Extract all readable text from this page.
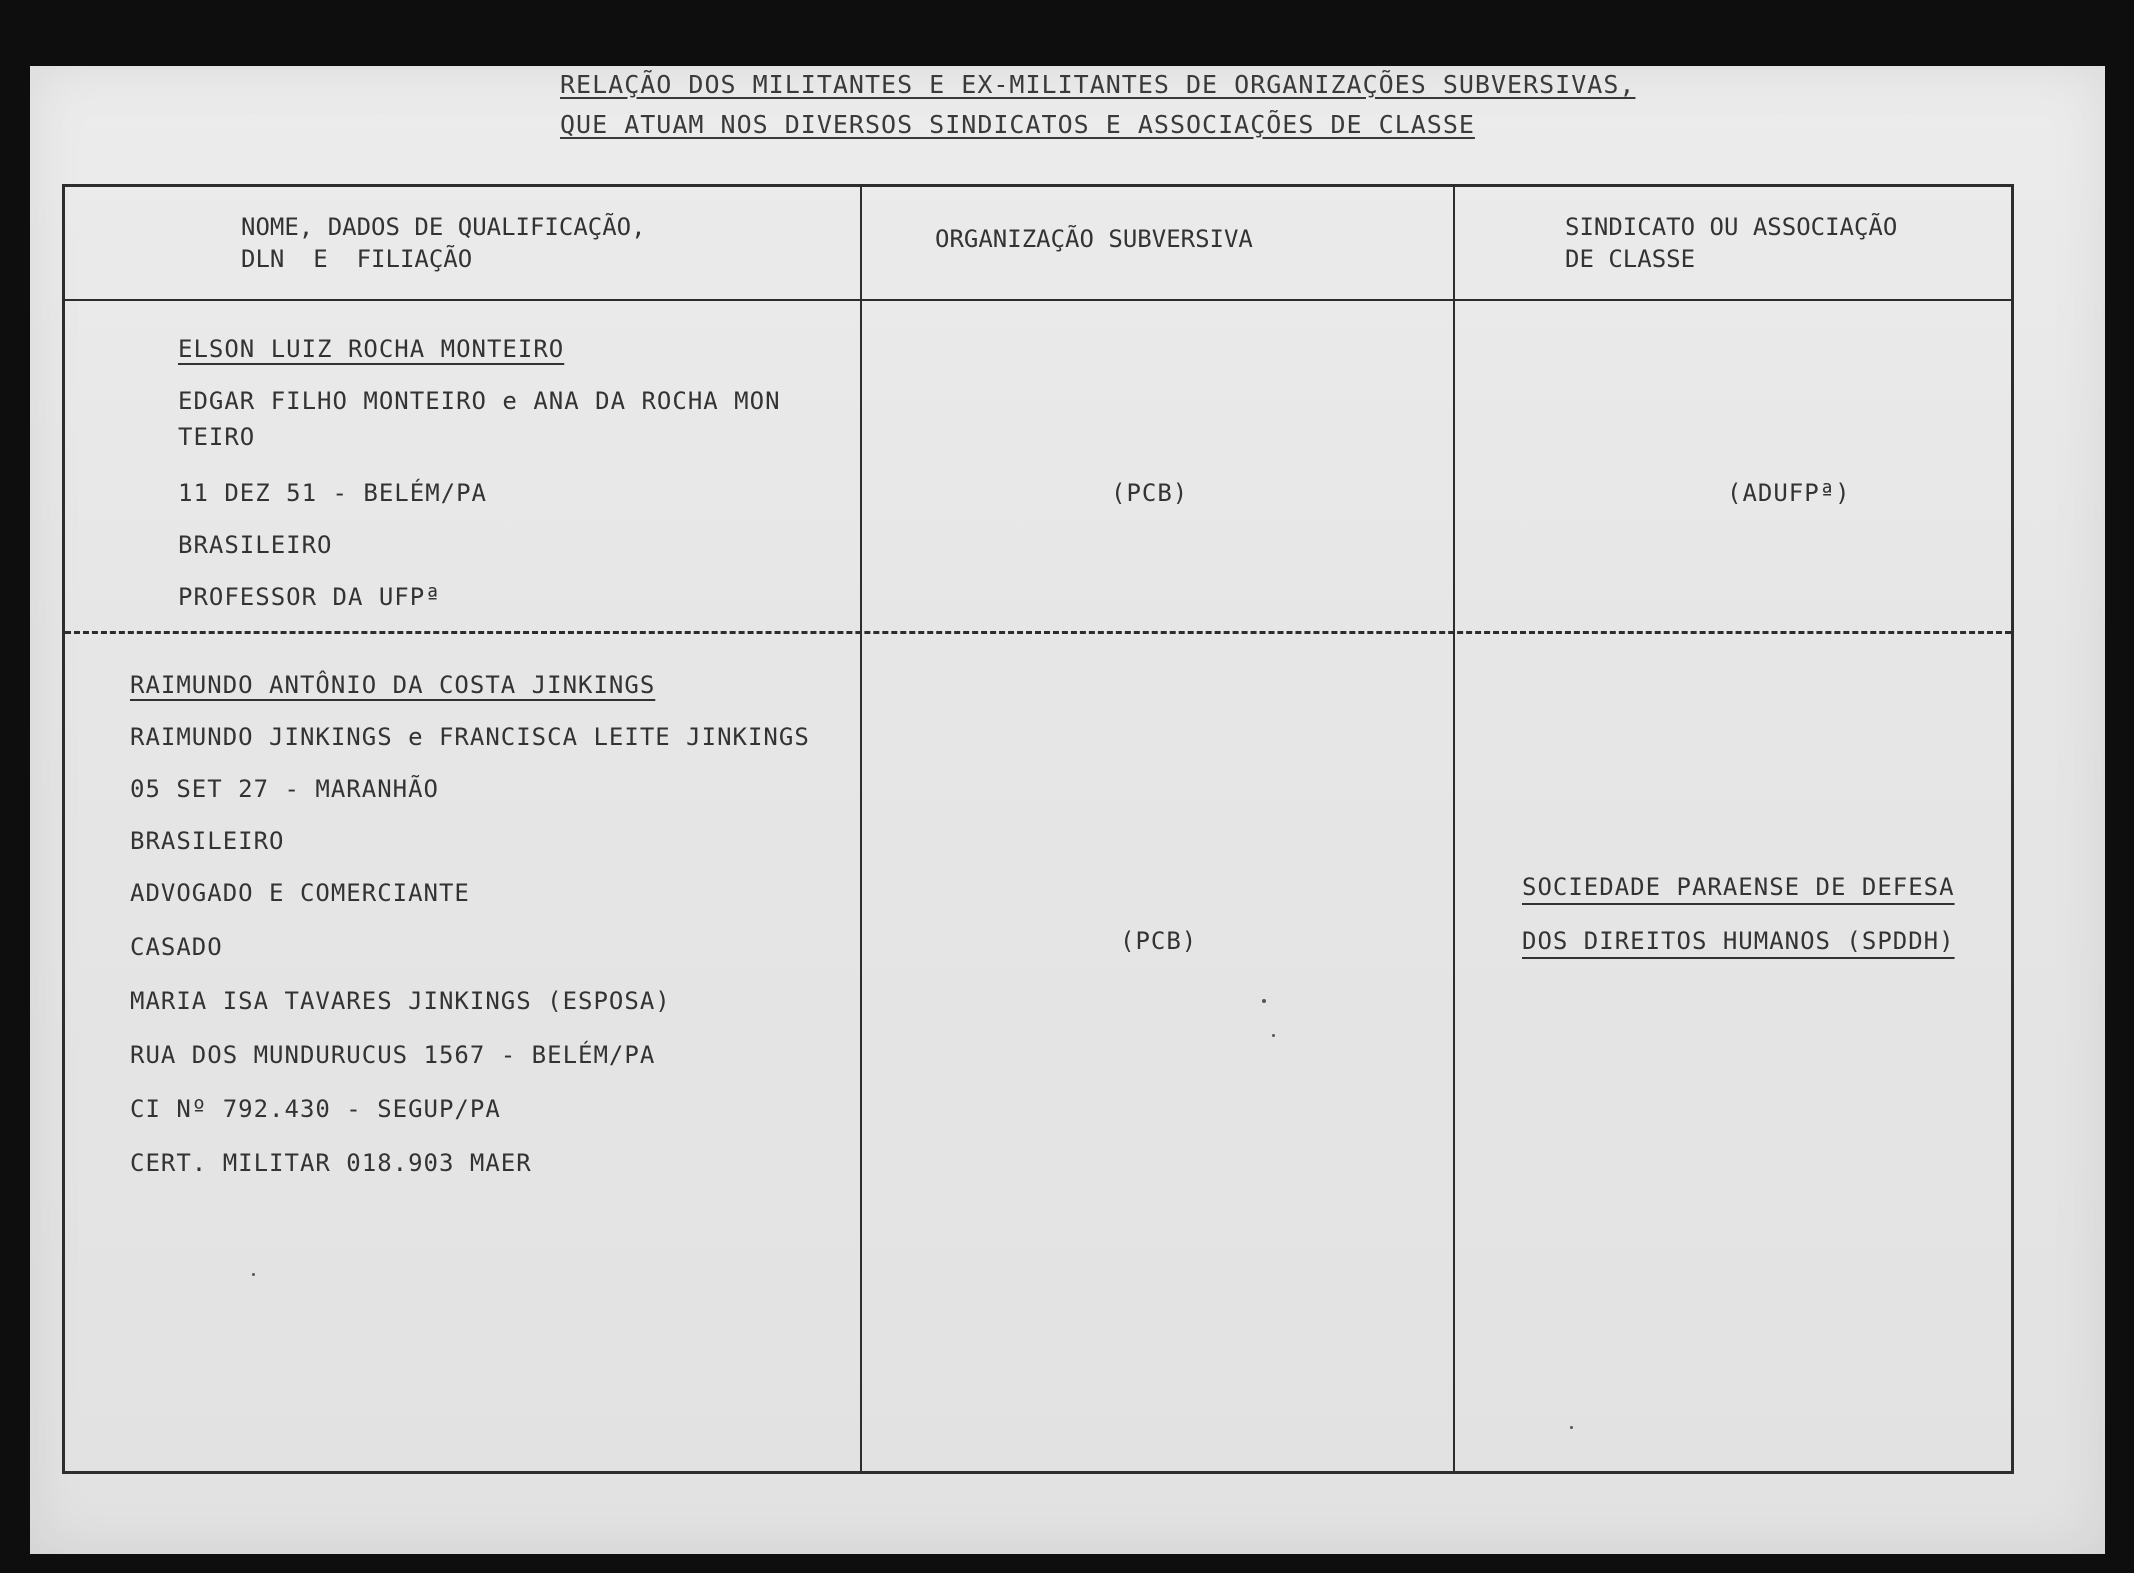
RELAÇÃO DOS MILITANTES E EX-MILITANTES DE ORGANIZAÇÕES SUBVERSIVAS,
QUE ATUAM NOS DIVERSOS SINDICATOS E ASSOCIAÇÕES DE CLASSE
NOME, DADOS DE QUALIFICAÇÃO,
DLN  E  FILIAÇÃO
ORGANIZAÇÃO SUBVERSIVA	SINDICATO OU ASSOCIAÇÃO
DE CLASSE
ELSON LUIZ ROCHA MONTEIRO
EDGAR FILHO MONTEIRO e ANA DA ROCHA MON
TEIRO
11 DEZ 51 - BELÉM/PA
BRASILEIRO
PROFESSOR DA UFPª
(PCB)	(ADUFPª)
RAIMUNDO ANTÔNIO DA COSTA JINKINGS
RAIMUNDO JINKINGS e FRANCISCA LEITE JINKINGS
05 SET 27 - MARANHÃO
BRASILEIRO
ADVOGADO E COMERCIANTE
CASADO
MARIA ISA TAVARES JINKINGS (ESPOSA)
RUA DOS MUNDURUCUS 1567 - BELÉM/PA
CI Nº 792.430 - SEGUP/PA
CERT. MILITAR 018.903 MAER
(PCB)
SOCIEDADE PARAENSE DE DEFESA
DOS DIREITOS HUMANOS (SPDDH)
